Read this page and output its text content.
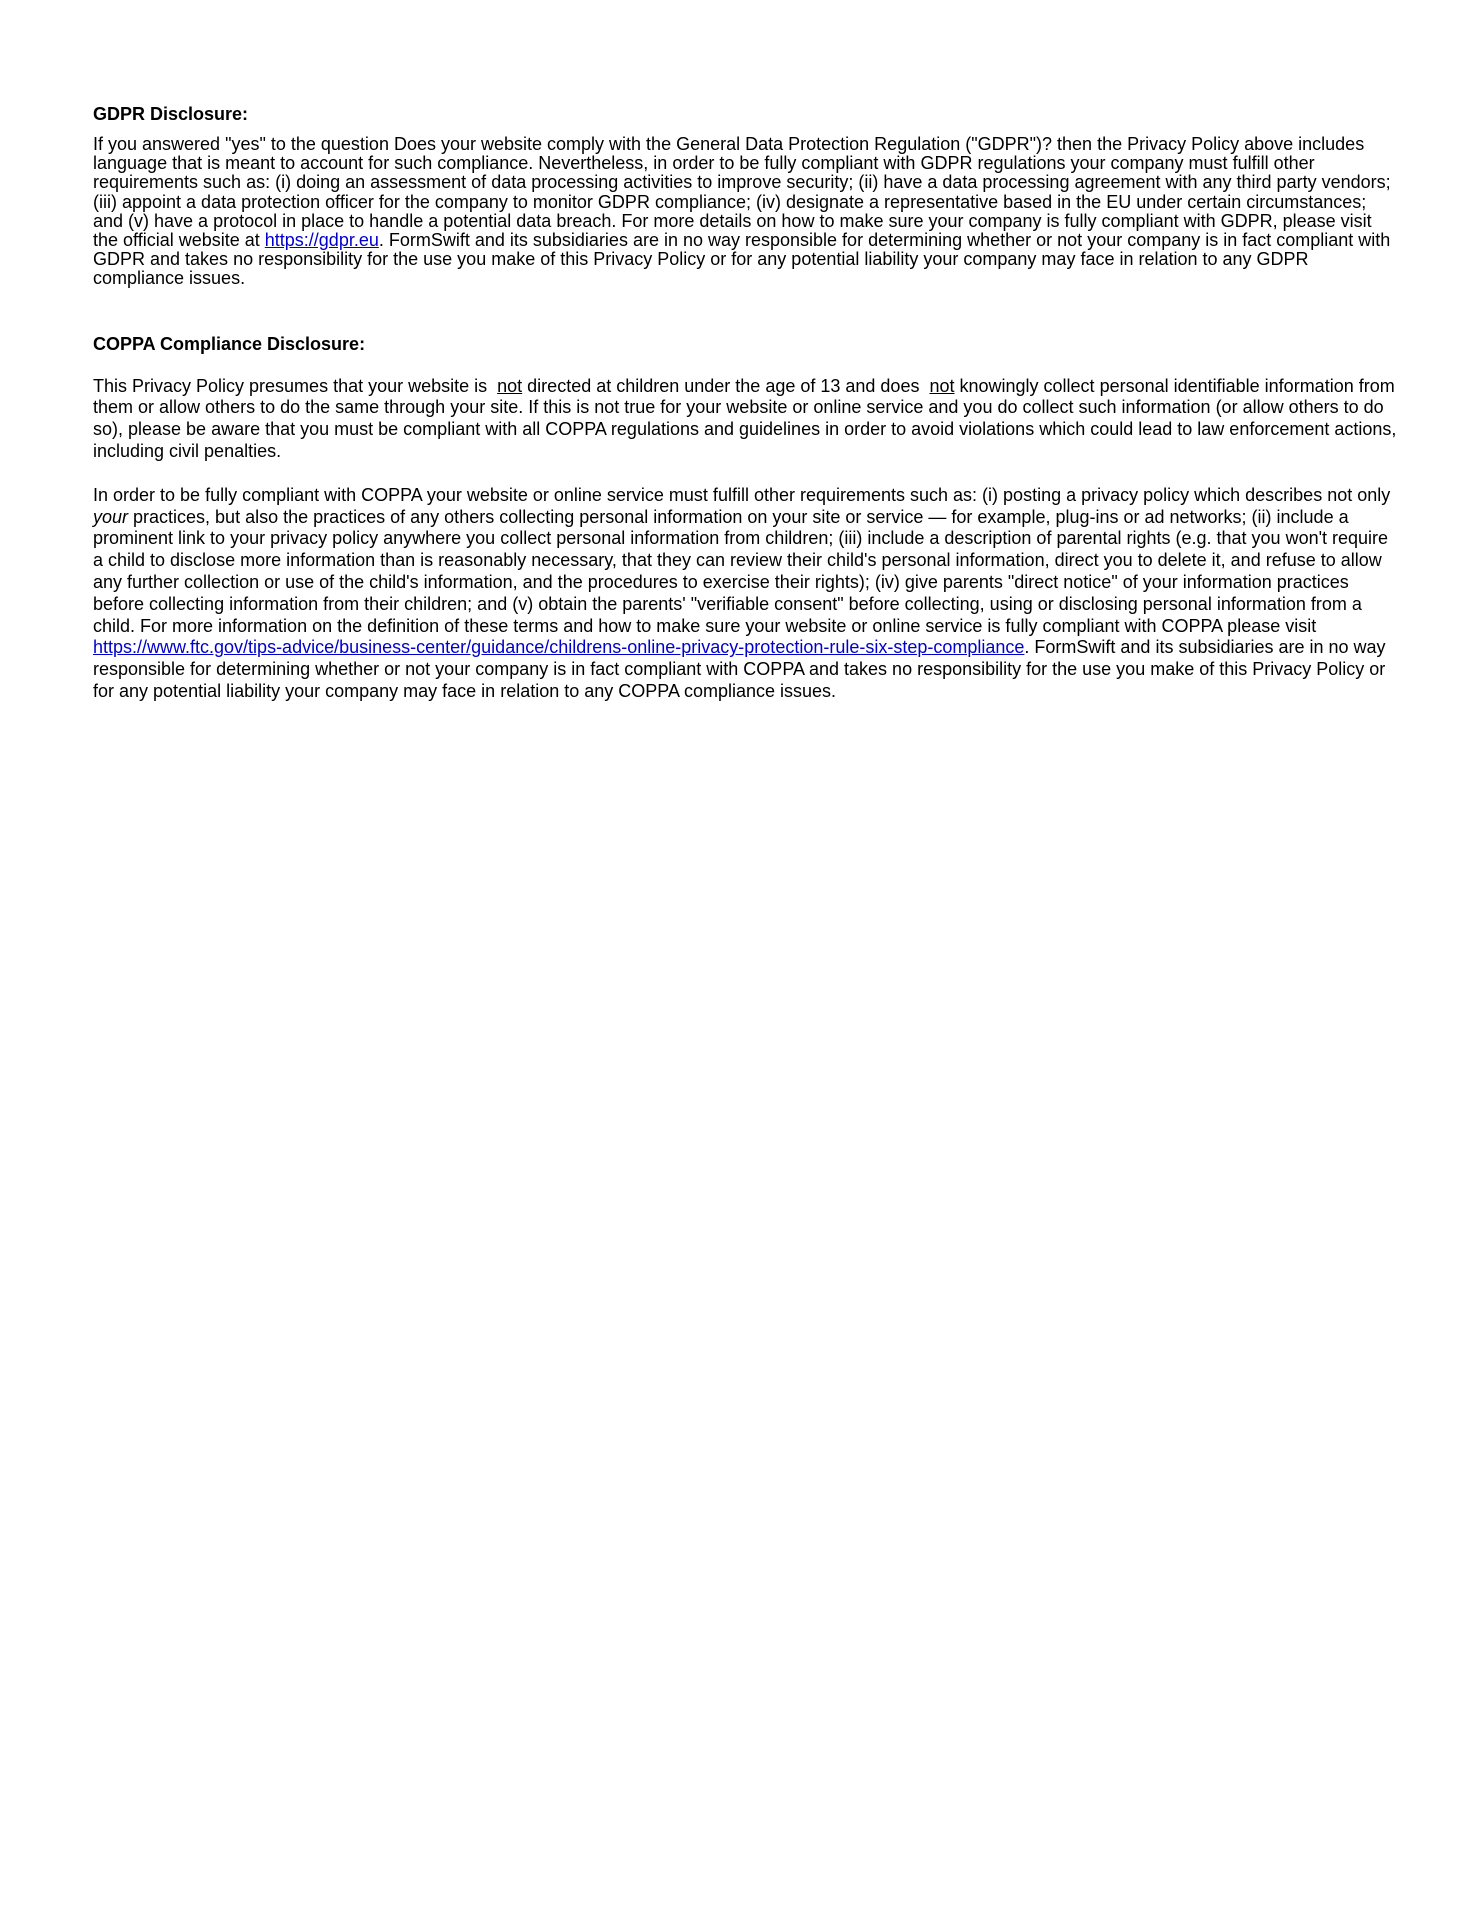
GDPR Disclosure:

If you answered "yes" to the question Does your website comply with the General Data Protection Regulation ("GDPR")? then the Privacy Policy above includes language that is meant to account for such compliance. Nevertheless, in order to be fully compliant with GDPR regulations your company must fulfill other requirements such as: (i) doing an assessment of data processing activities to improve security; (ii) have a data processing agreement with any third party vendors; (iii) appoint a data protection officer for the company to monitor GDPR compliance; (iv) designate a representative based in the EU under certain circumstances; and (v) have a protocol in place to handle a potential data breach. For more details on how to make sure your company is fully compliant with GDPR, please visit the official website at https://gdpr.eu. FormSwift and its subsidiaries are in no way responsible for determining whether or not your company is in fact compliant with GDPR and takes no responsibility for the use you make of this Privacy Policy or for any potential liability your company may face in relation to any GDPR compliance issues.

COPPA Compliance Disclosure:

This Privacy Policy presumes that your website is not directed at children under the age of 13 and does not knowingly collect personal identifiable information from them or allow others to do the same through your site. If this is not true for your website or online service and you do collect such information (or allow others to do so), please be aware that you must be compliant with all COPPA regulations and guidelines in order to avoid violations which could lead to law enforcement actions, including civil penalties.

In order to be fully compliant with COPPA your website or online service must fulfill other requirements such as: (i) posting a privacy policy which describes not only your practices, but also the practices of any others collecting personal information on your site or service — for example, plug-ins or ad networks; (ii) include a prominent link to your privacy policy anywhere you collect personal information from children; (iii) include a description of parental rights (e.g. that you won't require a child to disclose more information than is reasonably necessary, that they can review their child's personal information, direct you to delete it, and refuse to allow any further collection or use of the child's information, and the procedures to exercise their rights); (iv) give parents "direct notice" of your information practices before collecting information from their children; and (v) obtain the parents' "verifiable consent" before collecting, using or disclosing personal information from a child. For more information on the definition of these terms and how to make sure your website or online service is fully compliant with COPPA please visit https://www.ftc.gov/tips-advice/business-center/guidance/childrens-online-privacy-protection-rule-six-step-compliance. FormSwift and its subsidiaries are in no way responsible for determining whether or not your company is in fact compliant with COPPA and takes no responsibility for the use you make of this Privacy Policy or for any potential liability your company may face in relation to any COPPA compliance issues.
